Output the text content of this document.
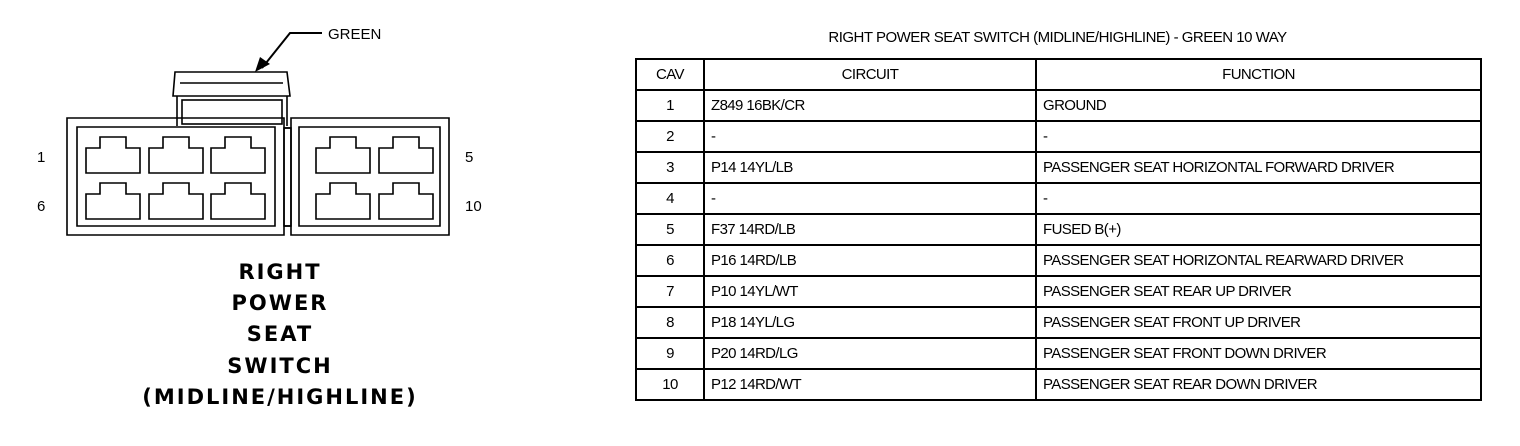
GREEN
1
6
5
10
RIGHT
POWER
SEAT
SWITCH
(MIDLINE/HIGHLINE)
RIGHT POWER SEAT SWITCH (MIDLINE/HIGHLINE) - GREEN 10 WAY
CAV	CIRCUIT	FUNCTION
1	Z849 16BK/CR	GROUND
2	-	-
3	P14 14YL/LB	PASSENGER SEAT HORIZONTAL FORWARD DRIVER
4	-	-
5	F37 14RD/LB	FUSED B(+)
6	P16 14RD/LB	PASSENGER SEAT HORIZONTAL REARWARD DRIVER
7	P10 14YL/WT	PASSENGER SEAT REAR UP DRIVER
8	P18 14YL/LG	PASSENGER SEAT FRONT UP DRIVER
9	P20 14RD/LG	PASSENGER SEAT FRONT DOWN DRIVER
10	P12 14RD/WT	PASSENGER SEAT REAR DOWN DRIVER
